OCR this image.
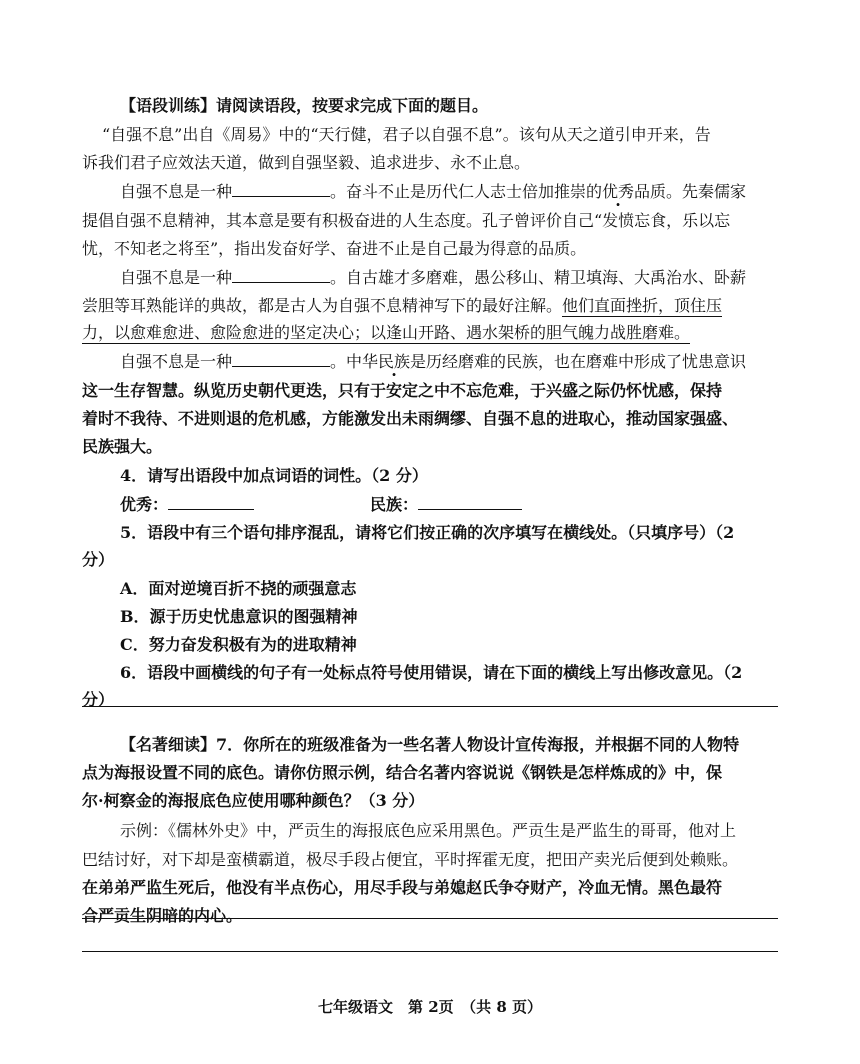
【语段训练】请阅读语段，按要求完成下面的题目。
“自强不息”出自《周易》中的“天行健，君子以自强不息”。该句从天之道引申开来，告
诉我们君子应效法天道，做到自强坚毅、追求进步、永不止息。
自强不息是一种	。奋斗不止是历代仁人志士倍加推崇的优秀品质。先秦儒家
提倡自强不息精神，其本意是要有积极奋进的人生态度。孔子曾评价自己“发愤忘食，乐以忘
忧，不知老之将至”，指出发奋好学、奋进不止是自己最为得意的品质。
自强不息是一种	。自古雄才多磨难，愚公移山、精卫填海、大禹治水、卧薪
尝胆等耳熟能详的典故，都是古人为自强不息精神写下的最好注解。他们直面挫折，顶住压
力，以愈难愈进、愈险愈进的坚定决心；以逢山开路、遇水架桥的胆气魄力战胜磨难。
自强不息是一种	。中华民族是历经磨难的民族，也在磨难中形成了忧患意识
这一生存智慧。纵览历史朝代更迭，只有于安定之中不忘危难，于兴盛之际仍怀忧感，保持
着时不我待、不进则退的危机感，方能激发出未雨绸缪、自强不息的进取心，推动国家强盛、
民族强大。
4．请写出语段中加点词语的词性。（2 分）
优秀：	民族：
5．语段中有三个语句排序混乱，请将它们按正确的次序填写在横线处。（只填序号）（2
分）
A．面对逆境百折不挠的顽强意志
B．源于历史忧患意识的图强精神
C．努力奋发积极有为的进取精神
6．语段中画横线的句子有一处标点符号使用错误，请在下面的横线上写出修改意见。（2
分）
【名著细读】7．你所在的班级准备为一些名著人物设计宣传海报，并根据不同的人物特
点为海报设置不同的底色。请你仿照示例，结合名著内容说说《钢铁是怎样炼成的》中，保
尔·柯察金的海报底色应使用哪种颜色？（3 分）
示例：《儒林外史》中，严贡生的海报底色应采用黑色。严贡生是严监生的哥哥，他对上
巴结讨好，对下却是蛮横霸道，极尽手段占便宜，平时挥霍无度，把田产卖光后便到处赖账。
在弟弟严监生死后，他没有半点伤心，用尽手段与弟媳赵氏争夺财产，冷血无情。黑色最符
合严贡生阴暗的内心。
七年级语文　第 2页　（共 8 页）
